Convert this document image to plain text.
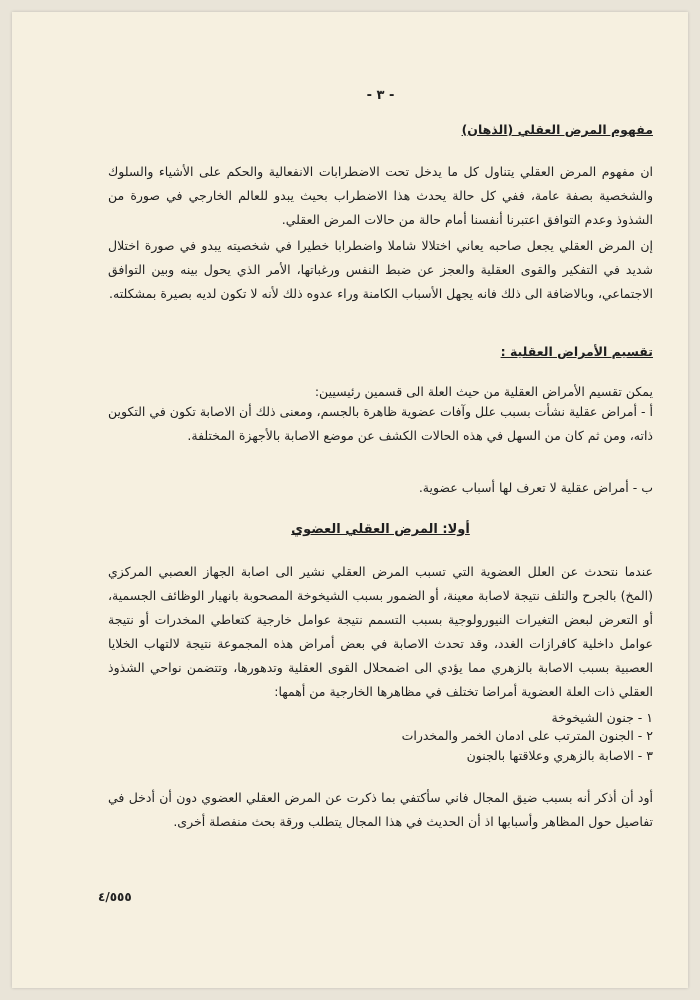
- ٣ -
مفهوم المرض العقلي (الذهان)
ان مفهوم المرض العقلي يتناول كل ما يدخل تحت الاضطرابات الانفعالية والحكم على الأشياء والسلوك والشخصية بصفة عامة، ففي كل حالة يحدث هذا الاضطراب بحيث يبدو للعالم الخارجي في صورة من الشذوذ وعدم التوافق اعتبرنا أنفسنا أمام حالة من حالات المرض العقلي.
إن المرض العقلي يجعل صاحبه يعاني اختلالا شاملا واضطرابا خطيرا في شخصيته يبدو في صورة اختلال شديد في التفكير والقوى العقلية والعجز عن ضبط النفس ورغباتها، الأمر الذي يحول بينه وبين التوافق الاجتماعي، وبالاضافة الى ذلك فانه يجهل الأسباب الكامنة وراء عدوه ذلك لأنه لا تكون لديه بصيرة بمشكلته.
تقسيم الأمراض العقلية :
يمكن تقسيم الأمراض العقلية من حيث العلة الى قسمين رئيسيين:
أ - أمراض عقلية نشأت بسبب علل وآفات عضوية ظاهرة بالجسم، ومعنى ذلك أن الاصابة تكون في التكوين ذاته، ومن ثم كان من السهل في هذه الحالات الكشف عن موضع الاصابة بالأجهزة المختلفة.
ب - أمراض عقلية لا تعرف لها أسباب عضوية.
أولا: المرض العقلي العضوي
عندما نتحدث عن العلل العضوية التي تسبب المرض العقلي نشير الى اصابة الجهاز العصبي المركزي (المخ) بالجرح والتلف نتيجة لاصابة معينة، أو الضمور بسبب الشيخوخة المصحوبة بانهيار الوظائف الجسمية، أو التعرض لبعض التغيرات النيورولوجية بسبب التسمم نتيجة عوامل خارجية كتعاطي المخدرات أو نتيجة عوامل داخلية كافرازات الغدد، وقد تحدث الاصابة في بعض أمراض هذه المجموعة نتيجة لالتهاب الخلايا العصبية بسبب الاصابة بالزهري مما يؤدي الى اضمحلال القوى العقلية وتدهورها، وتتضمن نواحي الشذوذ العقلي ذات العلة العضوية أمراضا تختلف في مظاهرها الخارجية من أهمها:
١ - جنون الشيخوخة
٢ - الجنون المترتب على ادمان الخمر والمخدرات
٣ - الاصابة بالزهري وعلاقتها بالجنون
أود أن أذكر أنه بسبب ضيق المجال فاني سأكتفي بما ذكرت عن المرض العقلي العضوي دون أن أدخل في تفاصيل حول المظاهر وأسبابها اذ أن الحديث في هذا المجال يتطلب ورقة بحث منفصلة أخرى.
٤/٥٥٥
